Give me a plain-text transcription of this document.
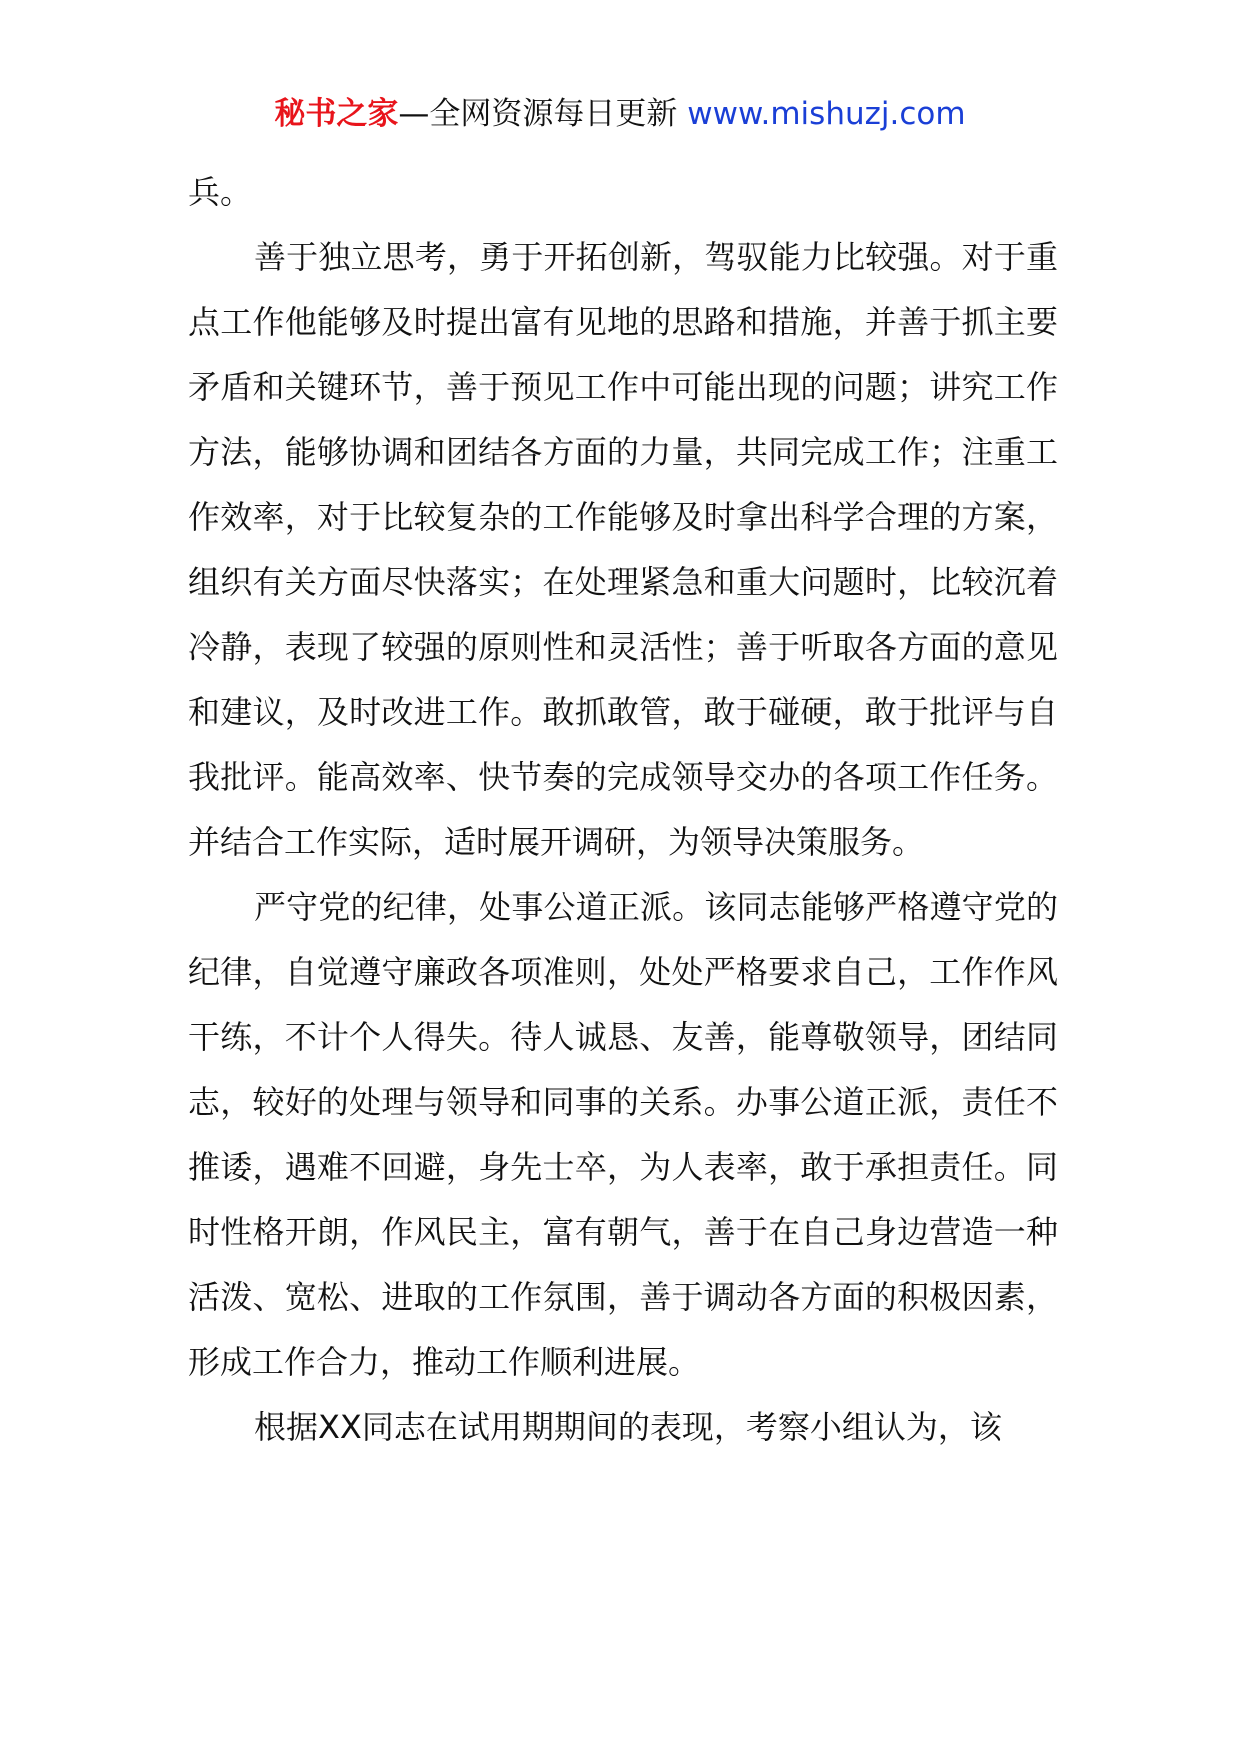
秘书之家—全网资源每日更新 www.mishuzj.com

兵。

善于独立思考，勇于开拓创新，驾驭能力比较强。对于重点工作他能够及时提出富有见地的思路和措施，并善于抓主要矛盾和关键环节，善于预见工作中可能出现的问题；讲究工作方法，能够协调和团结各方面的力量，共同完成工作；注重工作效率，对于比较复杂的工作能够及时拿出科学合理的方案，组织有关方面尽快落实；在处理紧急和重大问题时，比较沉着冷静，表现了较强的原则性和灵活性；善于听取各方面的意见和建议，及时改进工作。敢抓敢管，敢于碰硬，敢于批评与自我批评。能高效率、快节奏的完成领导交办的各项工作任务。并结合工作实际，适时展开调研，为领导决策服务。

严守党的纪律，处事公道正派。该同志能够严格遵守党的纪律，自觉遵守廉政各项准则，处处严格要求自己，工作作风干练，不计个人得失。待人诚恳、友善，能尊敬领导，团结同志，较好的处理与领导和同事的关系。办事公道正派，责任不推诿，遇难不回避，身先士卒，为人表率，敢于承担责任。同时性格开朗，作风民主，富有朝气，善于在自己身边营造一种活泼、宽松、进取的工作氛围，善于调动各方面的积极因素，形成工作合力，推动工作顺利进展。

根据XX同志在试用期期间的表现，考察小组认为，该
